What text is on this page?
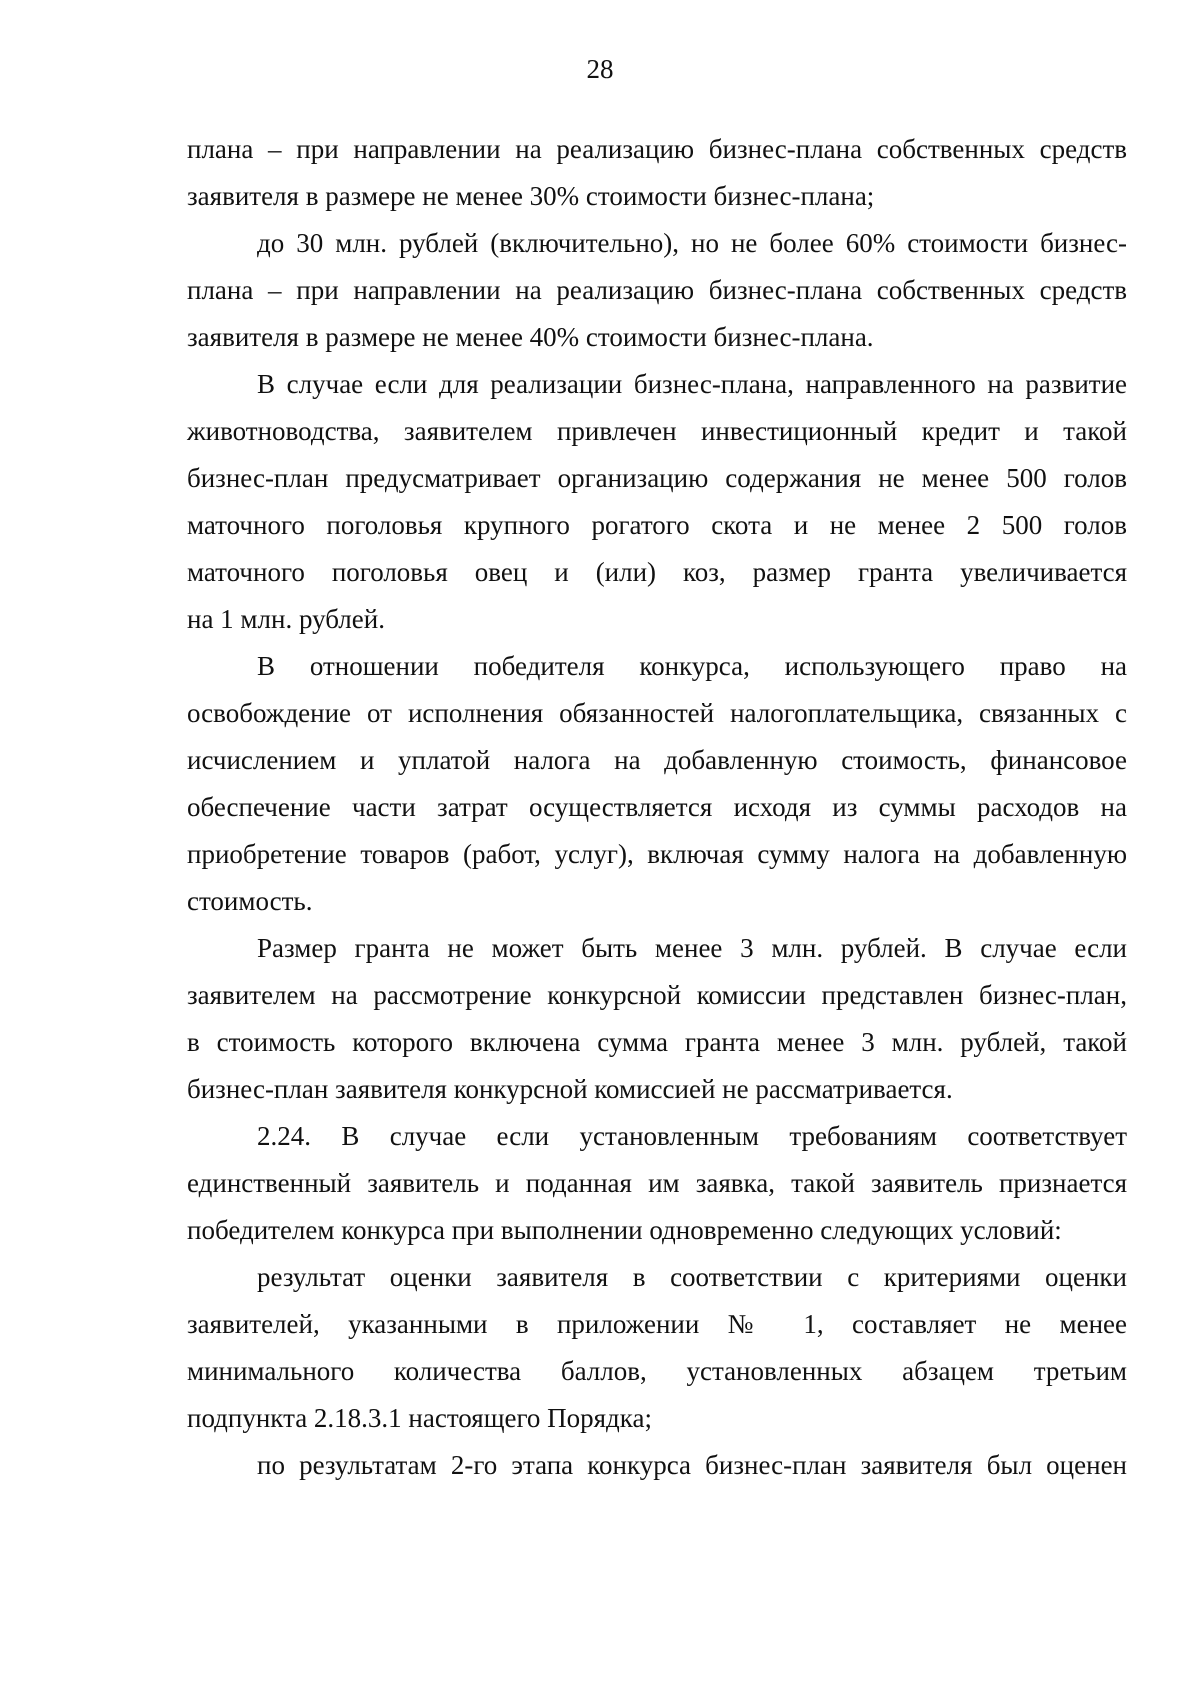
28
плана – при направлении на реализацию бизнес-плана собственных средств
заявителя в размере не менее 30% стоимости бизнес-плана;
до 30 млн. рублей (включительно), но не более 60% стоимости бизнес-
плана – при направлении на реализацию бизнес-плана собственных средств
заявителя в размере не менее 40% стоимости бизнес-плана.
В случае если для реализации бизнес-плана, направленного на развитие
животноводства, заявителем привлечен инвестиционный кредит и такой
бизнес-план предусматривает организацию содержания не менее 500 голов
маточного поголовья крупного рогатого скота и не менее 2 500 голов
маточного поголовья овец и (или) коз, размер гранта увеличивается
на 1 млн. рублей.
В отношении победителя конкурса, использующего право на
освобождение от исполнения обязанностей налогоплательщика, связанных с
исчислением и уплатой налога на добавленную стоимость, финансовое
обеспечение части затрат осуществляется исходя из суммы расходов на
приобретение товаров (работ, услуг), включая сумму налога на добавленную
стоимость.
Размер гранта не может быть менее 3 млн. рублей. В случае если
заявителем на рассмотрение конкурсной комиссии представлен бизнес-план,
в стоимость которого включена сумма гранта менее 3 млн. рублей, такой
бизнес-план заявителя конкурсной комиссией не рассматривается.
2.24. В случае если установленным требованиям соответствует
единственный заявитель и поданная им заявка, такой заявитель признается
победителем конкурса при выполнении одновременно следующих условий:
результат оценки заявителя в соответствии с критериями оценки
заявителей, указанными в приложении № 1, составляет не менее
минимального количества баллов, установленных абзацем третьим
подпункта 2.18.3.1 настоящего Порядка;
по результатам 2-го этапа конкурса бизнес-план заявителя был оценен
